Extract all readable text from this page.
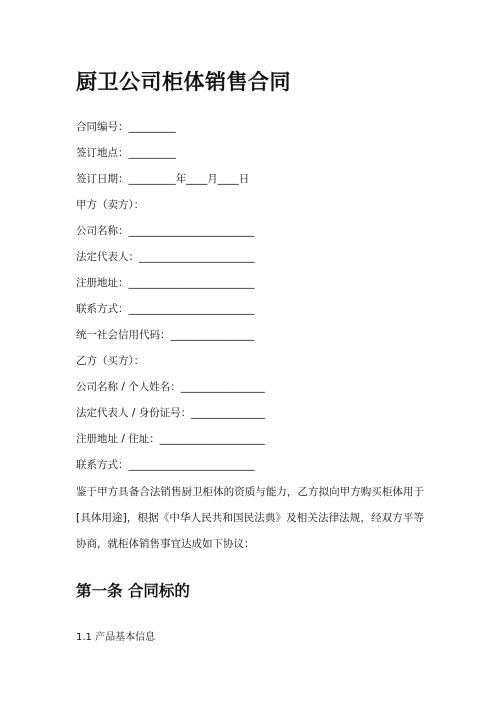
厨卫公司柜体销售合同
合同编号：_________
签订地点：_________
签订日期：_________年____月____日
甲方（卖方）：
公司名称：________________________
法定代表人：______________________
注册地址：________________________
联系方式：________________________
统一社会信用代码：________________
乙方（买方）：
公司名称 / 个人姓名：________________
法定代表人 / 身份证号：______________
注册地址 / 住址：____________________
联系方式：________________________
鉴于甲方具备合法销售厨卫柜体的资质与能力，乙方拟向甲方购买柜体用于[具体用途]，根据《中华人民共和国民法典》及相关法律法规，经双方平等协商，就柜体销售事宜达成如下协议：
第一条 合同标的
1.1 产品基本信息
